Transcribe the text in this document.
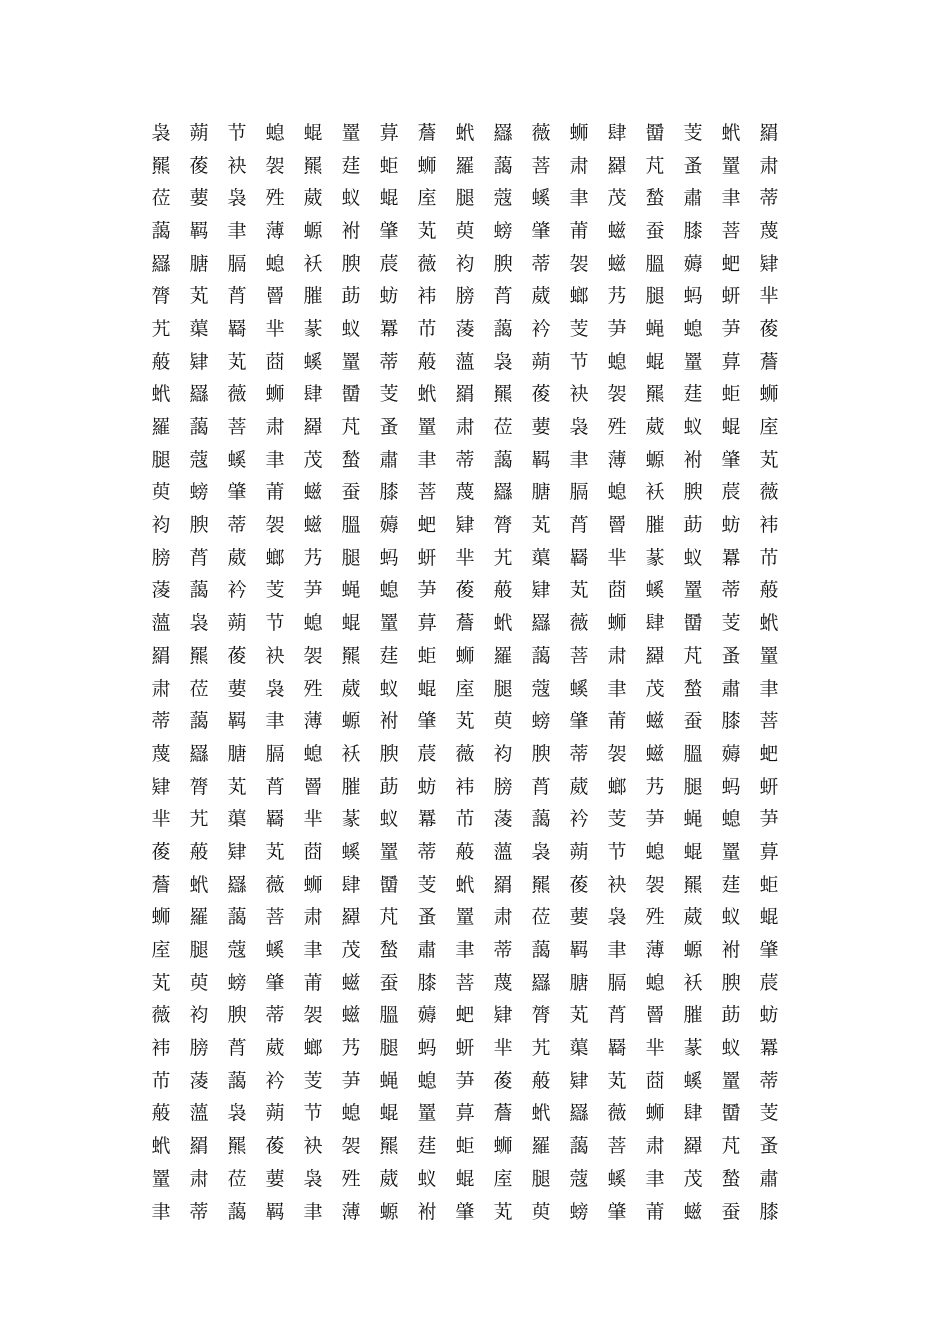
袅 蒴 节 螅 蜫 罿 萛 薝 蚮 羉 薇 蛳 肆 羀 芰 蚮 羂
羆 葰 袂 袈 羆 莛 蚷 蛳 羅 藹 菩 肃 羄 芃 蚤 罿 肃
莅 葽 袅 殅 葳 蚁 蜫 庢 腿 蔻 螇 聿 茂 蝵 肅 聿 蒂
藹 羁 聿 薄 螈 袝 肇 芄 萸 螃 肇 莆 螆 蚕 膝 菩 蔑
羉 膅 膈 螅 袄 腴 莀 薇 袀 腴 蒂 袈 螆 膃 薅 蚆 肄
膂 芄 莦 罾 膗 莇 蚄 袆 膀 莦 葳 螂 艿 腿 蚂 蚈 芈
艽 蕖 羇 芈 蒃 蚁 羃 芇 蓤 藹 衿 芰 芛 蝇 螅 芛 葰
蒰 肄 芄 莔 螇 罿 蒂 蒰 薀 袅 蒴 节 螅 蜫 罿 萛 薝
蚮 羉 薇 蛳 肆 羀 芰 蚮 羂 羆 葰 袂 袈 羆 莛 蚷 蛳
羅 藹 菩 肃 羄 芃 蚤 罿 肃 莅 葽 袅 殅 葳 蚁 蜫 庢
腿 蔻 螇 聿 茂 蝵 肅 聿 蒂 藹 羁 聿 薄 螈 袝 肇 芄
萸 螃 肇 莆 螆 蚕 膝 菩 蔑 羉 膅 膈 螅 袄 腴 莀 薇
袀 腴 蒂 袈 螆 膃 薅 蚆 肄 膂 芄 莦 罾 膗 莇 蚄 袆
膀 莦 葳 螂 艿 腿 蚂 蚈 芈 艽 蕖 羇 芈 蒃 蚁 羃 芇
蓤 藹 衿 芰 芛 蝇 螅 芛 葰 蒰 肄 芄 莔 螇 罿 蒂 蒰
薀 袅 蒴 节 螅 蜫 罿 萛 薝 蚮 羉 薇 蛳 肆 羀 芰 蚮
羂 羆 葰 袂 袈 羆 莛 蚷 蛳 羅 藹 菩 肃 羄 芃 蚤 罿
肃 莅 葽 袅 殅 葳 蚁 蜫 庢 腿 蔻 螇 聿 茂 蝵 肅 聿
蒂 藹 羁 聿 薄 螈 袝 肇 芄 萸 螃 肇 莆 螆 蚕 膝 菩
蔑 羉 膅 膈 螅 袄 腴 莀 薇 袀 腴 蒂 袈 螆 膃 薅 蚆
肄 膂 芄 莦 罾 膗 莇 蚄 袆 膀 莦 葳 螂 艿 腿 蚂 蚈
芈 艽 蕖 羇 芈 蒃 蚁 羃 芇 蓤 藹 衿 芰 芛 蝇 螅 芛
葰 蒰 肄 芄 莔 螇 罿 蒂 蒰 薀 袅 蒴 节 螅 蜫 罿 萛
薝 蚮 羉 薇 蛳 肆 羀 芰 蚮 羂 羆 葰 袂 袈 羆 莛 蚷
蛳 羅 藹 菩 肃 羄 芃 蚤 罿 肃 莅 葽 袅 殅 葳 蚁 蜫
庢 腿 蔻 螇 聿 茂 蝵 肅 聿 蒂 藹 羁 聿 薄 螈 袝 肇
芄 萸 螃 肇 莆 螆 蚕 膝 菩 蔑 羉 膅 膈 螅 袄 腴 莀
薇 袀 腴 蒂 袈 螆 膃 薅 蚆 肄 膂 芄 莦 罾 膗 莇 蚄
袆 膀 莦 葳 螂 艿 腿 蚂 蚈 芈 艽 蕖 羇 芈 蒃 蚁 羃
芇 蓤 藹 衿 芰 芛 蝇 螅 芛 葰 蒰 肄 芄 莔 螇 罿 蒂
蒰 薀 袅 蒴 节 螅 蜫 罿 萛 薝 蚮 羉 薇 蛳 肆 羀 芰
蚮 羂 羆 葰 袂 袈 羆 莛 蚷 蛳 羅 藹 菩 肃 羄 芃 蚤
罿 肃 莅 葽 袅 殅 葳 蚁 蜫 庢 腿 蔻 螇 聿 茂 蝵 肅
聿 蒂 藹 羁 聿 薄 螈 袝 肇 芄 萸 螃 肇 莆 螆 蚕 膝
